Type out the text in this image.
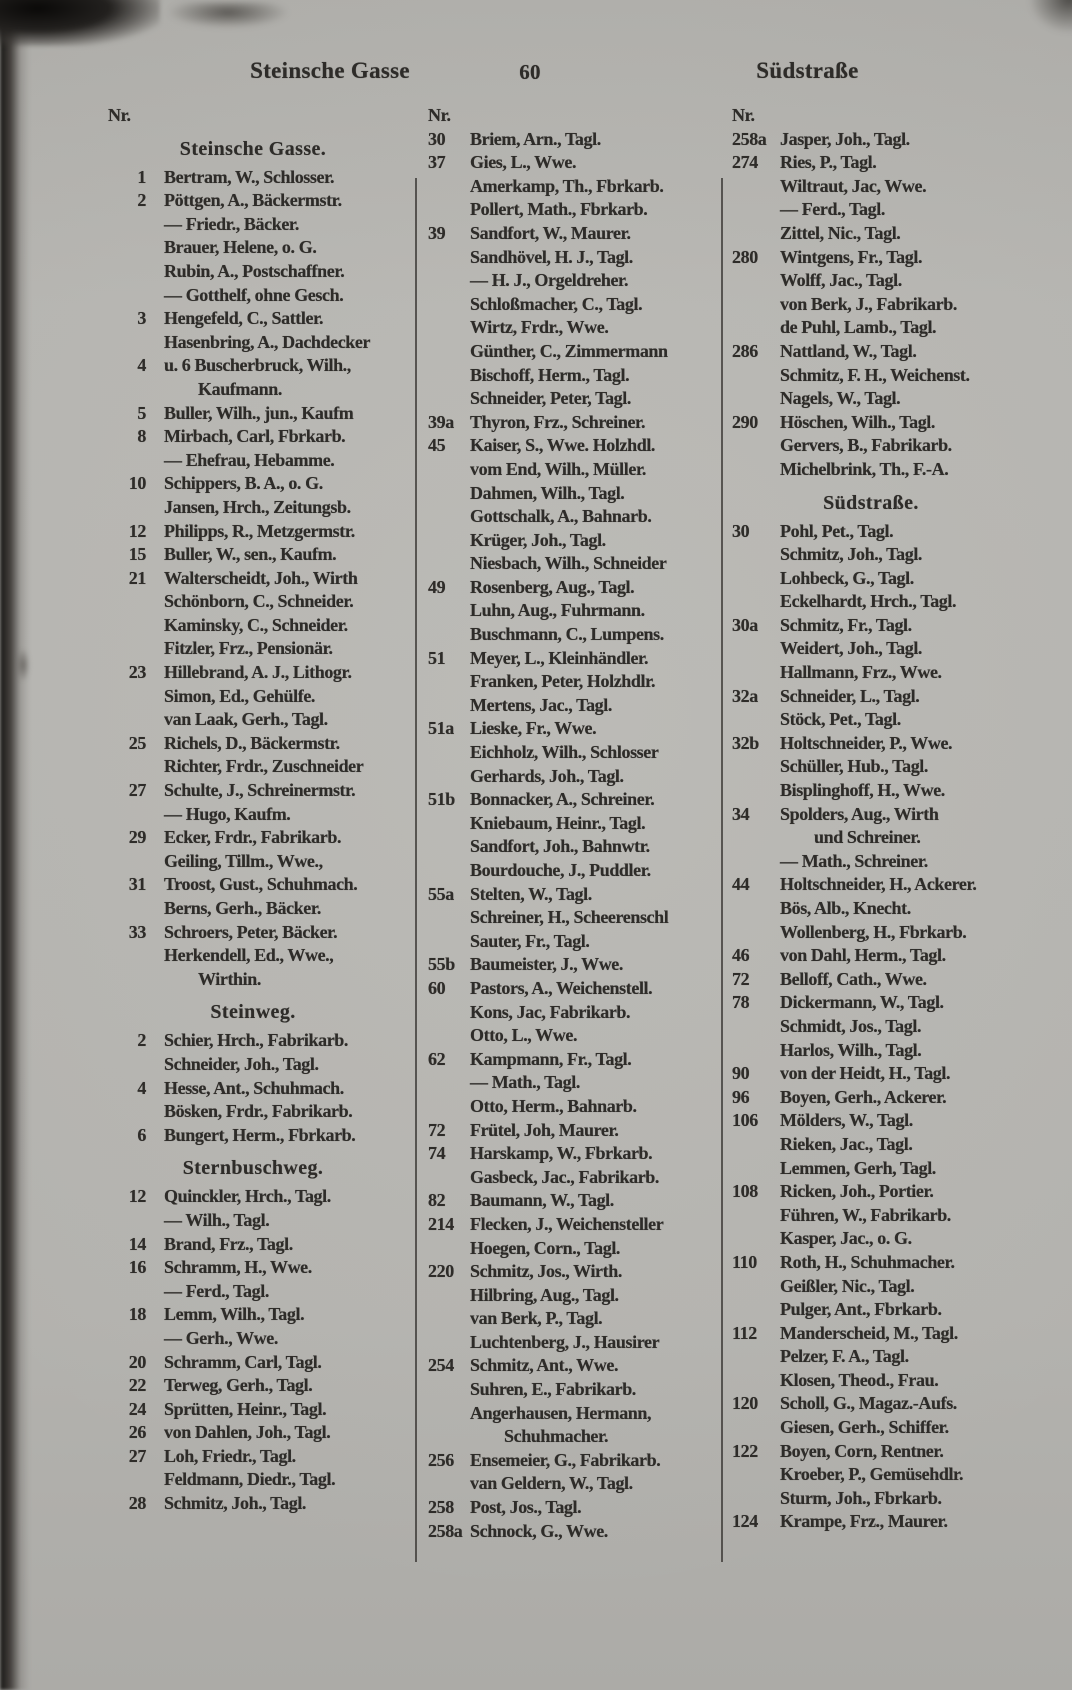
Steinsche Gasse	60	Südstraße
Nr.
Steinsche Gasse.
1	Bertram, W., Schlosser.
2	Pöttgen, A., Bäckermstr.
— Friedr., Bäcker.
Brauer, Helene, o. G.
Rubin, A., Postschaffner.
— Gotthelf, ohne Gesch.
3	Hengefeld, C., Sattler.
Hasenbring, A., Dachdecker
4	u. 6 Buscherbruck, Wilh.,
Kaufmann.
5	Buller, Wilh., jun., Kaufm
8	Mirbach, Carl, Fbrkarb.
— Ehefrau, Hebamme.
10	Schippers, B. A., o. G.
Jansen, Hrch., Zeitungsb.
12	Philipps, R., Metzgermstr.
15	Buller, W., sen., Kaufm.
21	Walterscheidt, Joh., Wirth
Schönborn, C., Schneider.
Kaminsky, C., Schneider.
Fitzler, Frz., Pensionär.
23	Hillebrand, A. J., Lithogr.
Simon, Ed., Gehülfe.
van Laak, Gerh., Tagl.
25	Richels, D., Bäckermstr.
Richter, Frdr., Zuschneider
27	Schulte, J., Schreinermstr.
— Hugo, Kaufm.
29	Ecker, Frdr., Fabrikarb.
Geiling, Tillm., Wwe.,
31	Troost, Gust., Schuhmach.
Berns, Gerh., Bäcker.
33	Schroers, Peter, Bäcker.
Herkendell, Ed., Wwe.,
Wirthin.
Steinweg.
2	Schier, Hrch., Fabrikarb.
Schneider, Joh., Tagl.
4	Hesse, Ant., Schuhmach.
Bösken, Frdr., Fabrikarb.
6	Bungert, Herm., Fbrkarb.
Sternbuschweg.
12	Quinckler, Hrch., Tagl.
— Wilh., Tagl.
14	Brand, Frz., Tagl.
16	Schramm, H., Wwe.
— Ferd., Tagl.
18	Lemm, Wilh., Tagl.
— Gerh., Wwe.
20	Schramm, Carl, Tagl.
22	Terweg, Gerh., Tagl.
24	Sprütten, Heinr., Tagl.
26	von Dahlen, Joh., Tagl.
27	Loh, Friedr., Tagl.
Feldmann, Diedr., Tagl.
28	Schmitz, Joh., Tagl.
Nr.
30	Briem, Arn., Tagl.
37	Gies, L., Wwe.
Amerkamp, Th., Fbrkarb.
Pollert, Math., Fbrkarb.
39	Sandfort, W., Maurer.
Sandhövel, H. J., Tagl.
— H. J., Orgeldreher.
Schloßmacher, C., Tagl.
Wirtz, Frdr., Wwe.
Günther, C., Zimmermann
Bischoff, Herm., Tagl.
Schneider, Peter, Tagl.
39a Thyron, Frz., Schreiner.
45	Kaiser, S., Wwe. Holzhdl.
vom End, Wilh., Müller.
Dahmen, Wilh., Tagl.
Gottschalk, A., Bahnarb.
Krüger, Joh., Tagl.
Niesbach, Wilh., Schneider
49	Rosenberg, Aug., Tagl.
Luhn, Aug., Fuhrmann.
Buschmann, C., Lumpens.
51	Meyer, L., Kleinhändler.
Franken, Peter, Holzhdlr.
Mertens, Jac., Tagl.
51a Lieske, Fr., Wwe.
Eichholz, Wilh., Schlosser
Gerhards, Joh., Tagl.
51b Bonnacker, A., Schreiner.
Kniebaum, Heinr., Tagl.
Sandfort, Joh., Bahnwtr.
Bourdouche, J., Puddler.
55a Stelten, W., Tagl.
Schreiner, H., Scheerenschl
Sauter, Fr., Tagl.
55b Baumeister, J., Wwe.
60	Pastors, A., Weichenstell.
Kons, Jac, Fabrikarb.
Otto, L., Wwe.
62	Kampmann, Fr., Tagl.
— Math., Tagl.
Otto, Herm., Bahnarb.
72	Frütel, Joh, Maurer.
74	Harskamp, W., Fbrkarb.
Gasbeck, Jac., Fabrikarb.
82	Baumann, W., Tagl.
214 Flecken, J., Weichensteller
Hoegen, Corn., Tagl.
220 Schmitz, Jos., Wirth.
Hilbring, Aug., Tagl.
van Berk, P., Tagl.
Luchtenberg, J., Hausirer
254 Schmitz, Ant., Wwe.
Suhren, E., Fabrikarb.
Angerhausen, Hermann,
Schuhmacher.
256 Ensemeier, G., Fabrikarb.
van Geldern, W., Tagl.
258 Post, Jos., Tagl.
258a Schnock, G., Wwe.
Nr.
258a Jasper, Joh., Tagl.
274	Ries, P., Tagl.
Wiltraut, Jac, Wwe.
— Ferd., Tagl.
Zittel, Nic., Tagl.
280	Wintgens, Fr., Tagl.
Wolff, Jac., Tagl.
von Berk, J., Fabrikarb.
de Puhl, Lamb., Tagl.
286	Nattland, W., Tagl.
Schmitz, F. H., Weichenst.
Nagels, W., Tagl.
290	Höschen, Wilh., Tagl.
Gervers, B., Fabrikarb.
Michelbrink, Th., F.-A.
Südstraße.
30	Pohl, Pet., Tagl.
Schmitz, Joh., Tagl.
Lohbeck, G., Tagl.
Eckelhardt, Hrch., Tagl.
30a	Schmitz, Fr., Tagl.
Weidert, Joh., Tagl.
Hallmann, Frz., Wwe.
32a	Schneider, L., Tagl.
Stöck, Pet., Tagl.
32b	Holtschneider, P., Wwe.
Schüller, Hub., Tagl.
Bisplinghoff, H., Wwe.
34	Spolders, Aug., Wirth
und Schreiner.
— Math., Schreiner.
44	Holtschneider, H., Ackerer.
Bös, Alb., Knecht.
Wollenberg, H., Fbrkarb.
46	von Dahl, Herm., Tagl.
72	Belloff, Cath., Wwe.
78	Dickermann, W., Tagl.
Schmidt, Jos., Tagl.
Harlos, Wilh., Tagl.
90	von der Heidt, H., Tagl.
96	Boyen, Gerh., Ackerer.
106	Mölders, W., Tagl.
Rieken, Jac., Tagl.
Lemmen, Gerh, Tagl.
108	Ricken, Joh., Portier.
Führen, W., Fabrikarb.
Kasper, Jac., o. G.
110	Roth, H., Schuhmacher.
Geißler, Nic., Tagl.
Pulger, Ant., Fbrkarb.
112	Manderscheid, M., Tagl.
Pelzer, F. A., Tagl.
Klosen, Theod., Frau.
120	Scholl, G., Magaz.-Aufs.
Giesen, Gerh., Schiffer.
122	Boyen, Corn, Rentner.
Kroeber, P., Gemüsehdlr.
Sturm, Joh., Fbrkarb.
124	Krampe, Frz., Maurer.
